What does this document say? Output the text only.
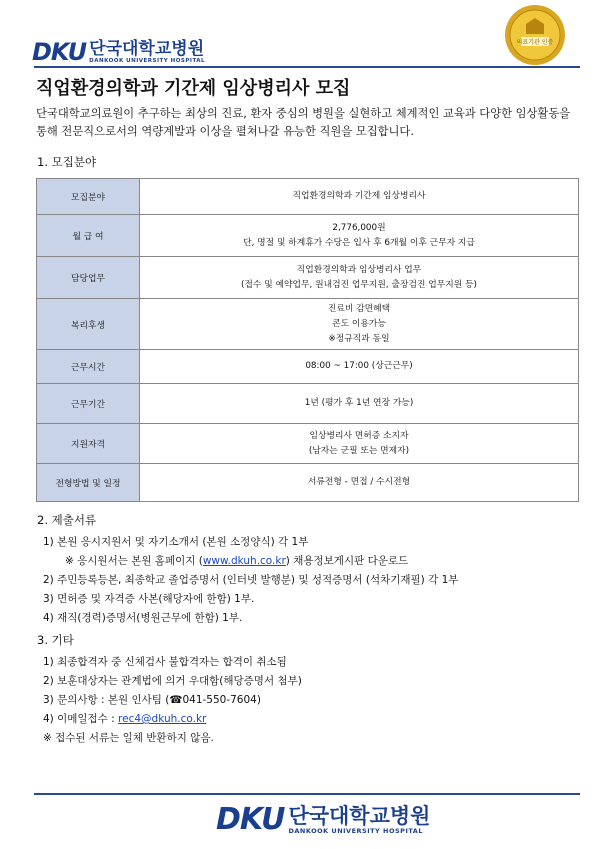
DKU 단국대학교병원
DANKOOK UNIVERSITY HOSPITAL
의료기관 인증
직업환경의학과 기간제 임상병리사 모집
단국대학교의료원이 추구하는 최상의 진료, 환자 중심의 병원을 실현하고 체계적인 교육과 다양한 임상활동을 통해 전문직으로서의 역량계발과 이상을 펼쳐나갈 유능한 직원을 모집합니다.
1. 모집분야
모집분야	직업환경의학과 기간제 임상병리사

월 급 여	2,776,000원
단, 명절 및 하계휴가 수당은 입사 후 6개월 이후 근무자 지급

담당업무	직업환경의학과 임상병리사 업무
(접수 및 예약업무, 원내검진 업무지원, 출장검진 업무지원 등)

복리후생	진료비 감면혜택
콘도 이용가능
※정규직과 동일

근무시간	08:00 ~ 17:00 (상근근무)

근무기간	1년 (평가 후 1년 연장 가능)

지원자격	임상병리사 면허증 소지자
(남자는 군필 또는 면제자)

전형방법 및 일정	서류전형 - 면접 / 수시전형
2. 제출서류
1) 본원 응시지원서 및 자기소개서 (본원 소정양식) 각 1부
※ 응시원서는 본원 홈페이지 (www.dkuh.co.kr) 채용정보게시판 다운로드
2) 주민등록등본, 최종학교 졸업증명서 (인터넷 발행분) 및 성적증명서 (석차기재필) 각 1부
3) 면허증 및 자격증 사본(해당자에 한함) 1부.
4) 재직(경력)증명서(병원근무에 한함) 1부.
3. 기타
1) 최종합격자 중 신체검사 불합격자는 합격이 취소됨
2) 보훈대상자는 관계법에 의거 우대함(해당증명서 첨부)
3) 문의사항 : 본원 인사팀 (☎041-550-7604)
4) 이메일접수 : rec4@dkuh.co.kr
※ 접수된 서류는 일체 반환하지 않음.
DKU 단국대학교병원
DANKOOK UNIVERSITY HOSPITAL
